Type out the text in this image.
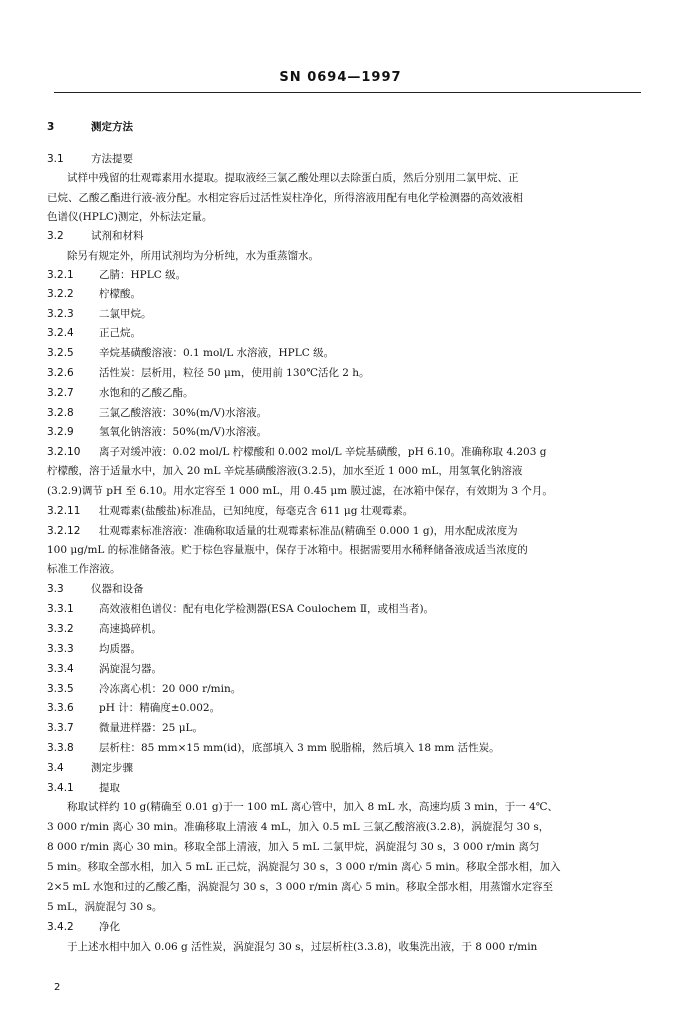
SN 0694—1997
3	测定方法
3.1	方法提要
试样中残留的壮观霉素用水提取。提取液经三氯乙酸处理以去除蛋白质，然后分别用二氯甲烷、正
已烷、乙酸乙酯进行液-液分配。水相定容后过活性炭柱净化，所得溶液用配有电化学检测器的高效液相
色谱仪(HPLC)测定，外标法定量。
3.2	试剂和材料
除另有规定外，所用试剂均为分析纯，水为重蒸馏水。
3.2.1 乙腈：HPLC 级。
3.2.2 柠檬酸。
3.2.3 二氯甲烷。
3.2.4 正己烷。
3.2.5 辛烷基磺酸溶液：0.1 mol/L 水溶液，HPLC 级。
3.2.6 活性炭：层析用，粒径 50 μm，使用前 130℃活化 2 h。
3.2.7 水饱和的乙酸乙酯。
3.2.8 三氯乙酸溶液：30%(m/V)水溶液。
3.2.9 氢氧化钠溶液：50%(m/V)水溶液。
3.2.10 离子对缓冲液：0.02 mol/L 柠檬酸和 0.002 mol/L 辛烷基磺酸，pH 6.10。准确称取 4.203 g
柠檬酸，溶于适量水中，加入 20 mL 辛烷基磺酸溶液(3.2.5)，加水至近 1 000 mL，用氢氧化钠溶液
(3.2.9)调节 pH 至 6.10。用水定容至 1 000 mL，用 0.45 μm 膜过滤，在冰箱中保存，有效期为 3 个月。
3.2.11 壮观霉素(盐酸盐)标准品，已知纯度，每毫克含 611 μg 壮观霉素。
3.2.12 壮观霉素标准溶液：准确称取适量的壮观霉素标准品(精确至 0.000 1 g)，用水配成浓度为
100 μg/mL 的标准储备液。贮于棕色容量瓶中，保存于冰箱中。根据需要用水稀释储备液成适当浓度的
标准工作溶液。
3.3	仪器和设备
3.3.1 高效液相色谱仪：配有电化学检测器(ESA Coulochem Ⅱ，或相当者)。
3.3.2 高速捣碎机。
3.3.3 均质器。
3.3.4 涡旋混匀器。
3.3.5 冷冻离心机：20 000 r/min。
3.3.6 pH 计：精确度±0.002。
3.3.7 微量进样器：25 μL。
3.3.8 层析柱：85 mm×15 mm(id)，底部填入 3 mm 脱脂棉，然后填入 18 mm 活性炭。
3.4	测定步骤
3.4.1 提取
称取试样约 10 g(精确至 0.01 g)于一 100 mL 离心管中，加入 8 mL 水，高速均质 3 min，于一 4℃、
3 000 r/min 离心 30 min。准确移取上清液 4 mL，加入 0.5 mL 三氯乙酸溶液(3.2.8)，涡旋混匀 30 s，
8 000 r/min 离心 30 min。移取全部上清液，加入 5 mL 二氯甲烷，涡旋混匀 30 s，3 000 r/min 离匀
5 min。移取全部水相，加入 5 mL 正己烷，涡旋混匀 30 s，3 000 r/min 离心 5 min。移取全部水相，加入
2×5 mL 水饱和过的乙酸乙酯，涡旋混匀 30 s，3 000 r/min 离心 5 min。移取全部水相，用蒸馏水定容至
5 mL，涡旋混匀 30 s。
3.4.2 净化
于上述水相中加入 0.06 g 活性炭，涡旋混匀 30 s，过层析柱(3.3.8)，收集洗出液，于 8 000 r/min
2
